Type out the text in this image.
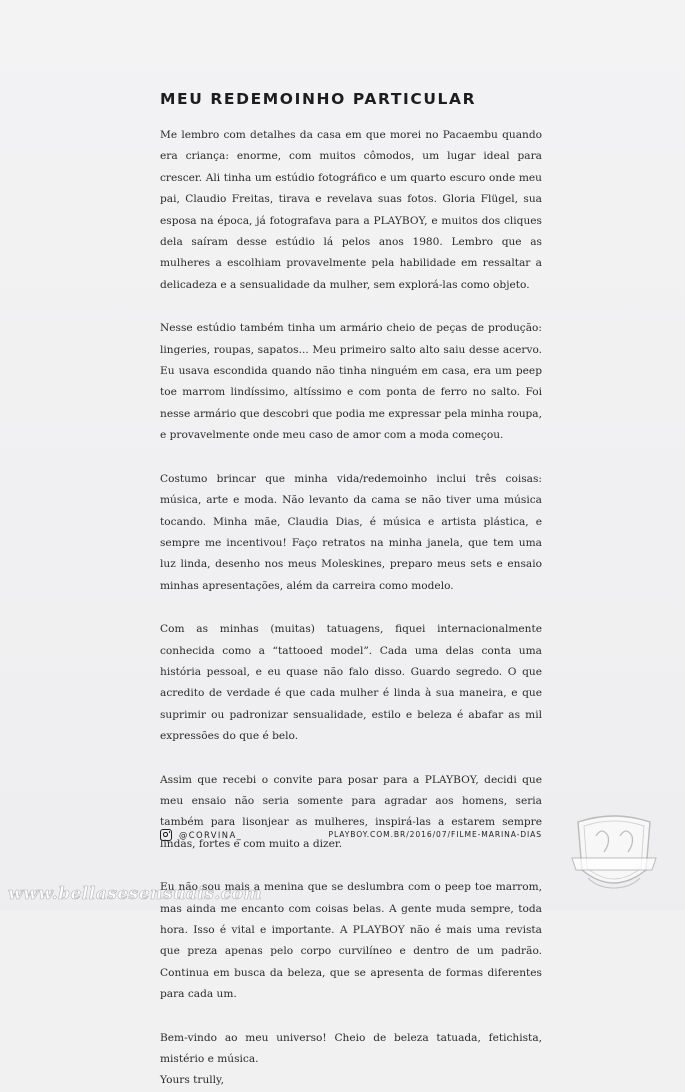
MEU REDEMOINHO PARTICULAR

Me lembro com detalhes da casa em que morei no Pacaembu quando era criança: enorme, com muitos cômodos, um lugar ideal para crescer. Ali tinha um estúdio fotográfico e um quarto escuro onde meu pai, Claudio Freitas, tirava e revelava suas fotos. Gloria Flügel, sua esposa na época, já fotografava para a PLAYBOY, e muitos dos cliques dela saíram desse estúdio lá pelos anos 1980. Lembro que as mulheres a escolhiam provavelmente pela habilidade em ressaltar a delicadeza e a sensualidade da mulher, sem explorá-las como objeto.

Nesse estúdio também tinha um armário cheio de peças de produção: lingeries, roupas, sapatos... Meu primeiro salto alto saiu desse acervo. Eu usava escondida quando não tinha ninguém em casa, era um peep toe marrom lindíssimo, altíssimo e com ponta de ferro no salto. Foi nesse armário que descobri que podia me expressar pela minha roupa, e provavelmente onde meu caso de amor com a moda começou.

Costumo brincar que minha vida/redemoinho inclui três coisas: música, arte e moda. Não levanto da cama se não tiver uma música tocando. Minha mãe, Claudia Dias, é música e artista plástica, e sempre me incentivou! Faço retratos na minha janela, que tem uma luz linda, desenho nos meus Moleskines, preparo meus sets e ensaio minhas apresentações, além da carreira como modelo.

Com as minhas (muitas) tatuagens, fiquei internacionalmente conhecida como a “tattooed model”. Cada uma delas conta uma história pessoal, e eu quase não falo disso. Guardo segredo. O que acredito de verdade é que cada mulher é linda à sua maneira, e que suprimir ou padronizar sensualidade, estilo e beleza é abafar as mil expressões do que é belo.

Assim que recebi o convite para posar para a PLAYBOY, decidi que meu ensaio não seria somente para agradar aos homens, seria também para lisonjear as mulheres, inspirá-las a estarem sempre lindas, fortes e com muito a dizer.

Eu não sou mais a menina que se deslumbra com o peep toe marrom, mas ainda me encanto com coisas belas. A gente muda sempre, toda hora. Isso é vital e importante. A PLAYBOY não é mais uma revista que preza apenas pelo corpo curvilíneo e dentro de um padrão. Continua em busca da beleza, que se apresenta de formas diferentes para cada um.

Bem-vindo ao meu universo! Cheio de beleza tatuada, fetichista, mistério e música.

Yours trully,

@CORVINA_	PLAYBOY.COM.BR/2016/07/FILME-MARINA-DIAS
www.bellasesensuais.com
